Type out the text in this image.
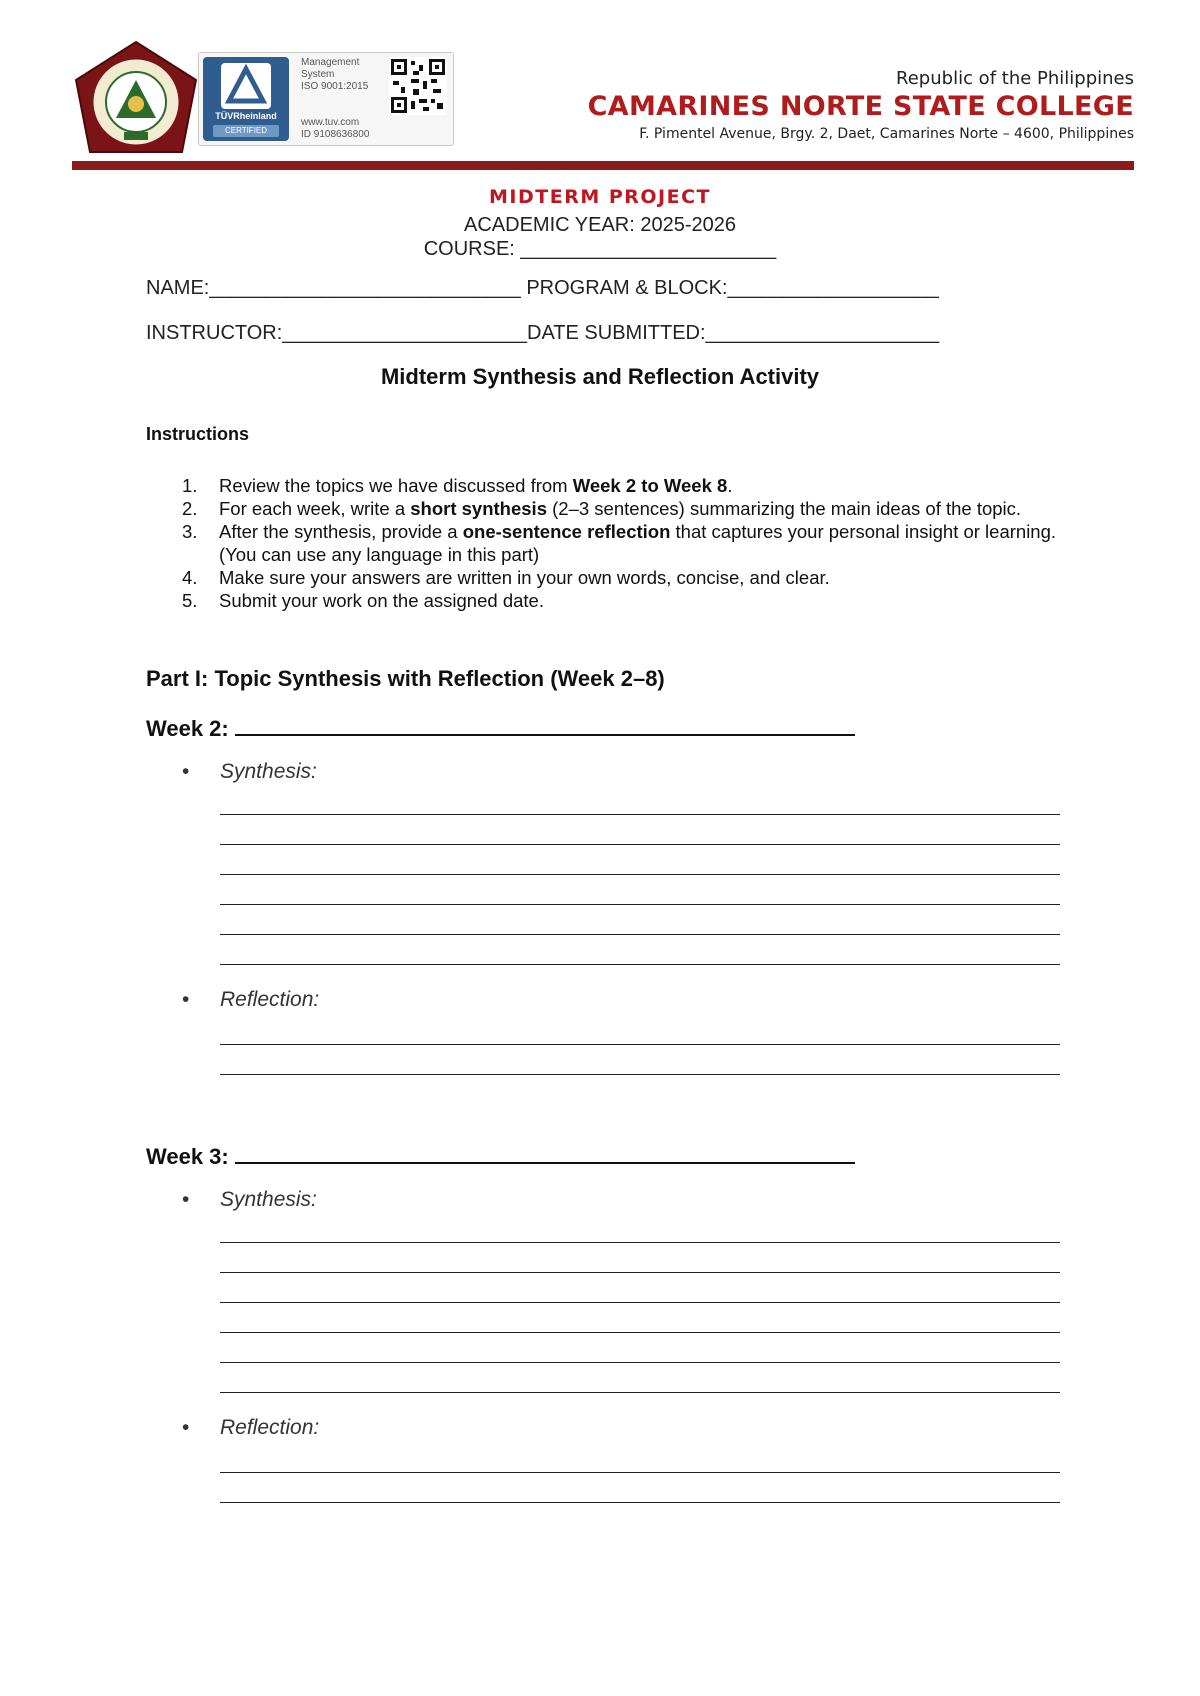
TÜVRheinland
CERTIFIED
Management
System
ISO 9001:2015
www.tuv.com
ID 9108636800
Republic of the Philippines
CAMARINES NORTE STATE COLLEGE
F. Pimentel Avenue, Brgy. 2, Daet, Camarines Norte – 4600, Philippines
MIDTERM PROJECT
ACADEMIC YEAR: 2025-2026
COURSE: _______________________
NAME:____________________________ PROGRAM & BLOCK:___________________
INSTRUCTOR:______________________DATE SUBMITTED:_____________________
Midterm Synthesis and Reflection Activity
Instructions
1. Review the topics we have discussed from Week 2 to Week 8.
2. For each week, write a short synthesis (2–3 sentences) summarizing the main ideas of the topic.
3. After the synthesis, provide a one-sentence reflection that captures your personal insight or learning.(You can use any language in this part)
4. Make sure your answers are written in your own words, concise, and clear.
5. Submit your work on the assigned date.
Part I: Topic Synthesis with Reflection (Week 2–8)
Week 2:
• Synthesis:
• Reflection:
Week 3:
• Synthesis:
• Reflection:
